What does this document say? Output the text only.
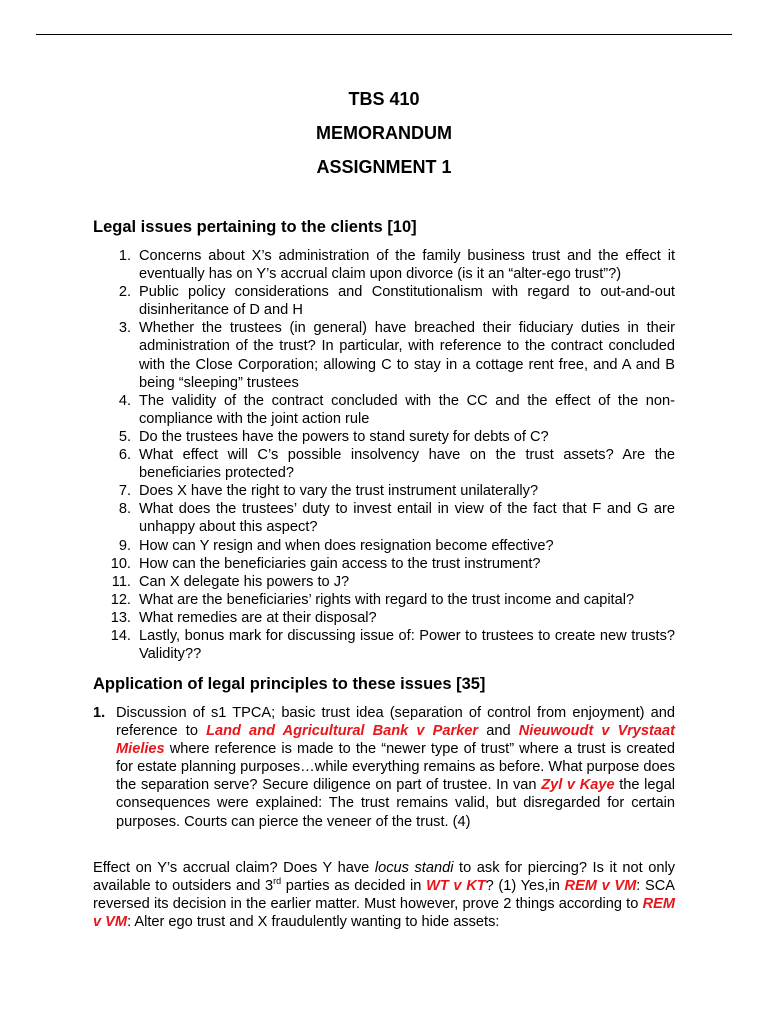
TBS 410
MEMORANDUM
ASSIGNMENT 1
Legal issues pertaining to the clients [10]
1. Concerns about X’s administration of the family business trust and the effect it eventually has on Y’s accrual claim upon divorce (is it an “alter-ego trust”?)
2. Public policy considerations and Constitutionalism with regard to out-and-out disinheritance of D and H
3. Whether the trustees (in general) have breached their fiduciary duties in their administration of the trust? In particular, with reference to the contract concluded with the Close Corporation; allowing C to stay in a cottage rent free, and A and B being “sleeping” trustees
4. The validity of the contract concluded with the CC and the effect of the non-compliance with the joint action rule
5. Do the trustees have the powers to stand surety for debts of C?
6. What effect will C’s possible insolvency have on the trust assets? Are the beneficiaries protected?
7. Does X have the right to vary the trust instrument unilaterally?
8. What does the trustees’ duty to invest entail in view of the fact that F and G are unhappy about this aspect?
9. How can Y resign and when does resignation become effective?
10. How can the beneficiaries gain access to the trust instrument?
11. Can X delegate his powers to J?
12. What are the beneficiaries’ rights with regard to the trust income and capital?
13. What remedies are at their disposal?
14. Lastly, bonus mark for discussing issue of: Power to trustees to create new trusts? Validity??
Application of legal principles to these issues [35]
1. Discussion of s1 TPCA; basic trust idea (separation of control from enjoyment) and reference to Land and Agricultural Bank v Parker and Nieuwoudt v Vrystaat Mielies where reference is made to the “newer type of trust” where a trust is created for estate planning purposes…while everything remains as before. What purpose does the separation serve? Secure diligence on part of trustee. In van Zyl v Kaye the legal consequences were explained: The trust remains valid, but disregarded for certain purposes. Courts can pierce the veneer of the trust. (4)
Effect on Y’s accrual claim? Does Y have locus standi to ask for piercing? Is it not only available to outsiders and 3rd parties as decided in WT v KT? (1) Yes,in REM v VM: SCA reversed its decision in the earlier matter. Must however, prove 2 things according to REM v VM: Alter ego trust and X fraudulently wanting to hide assets:
